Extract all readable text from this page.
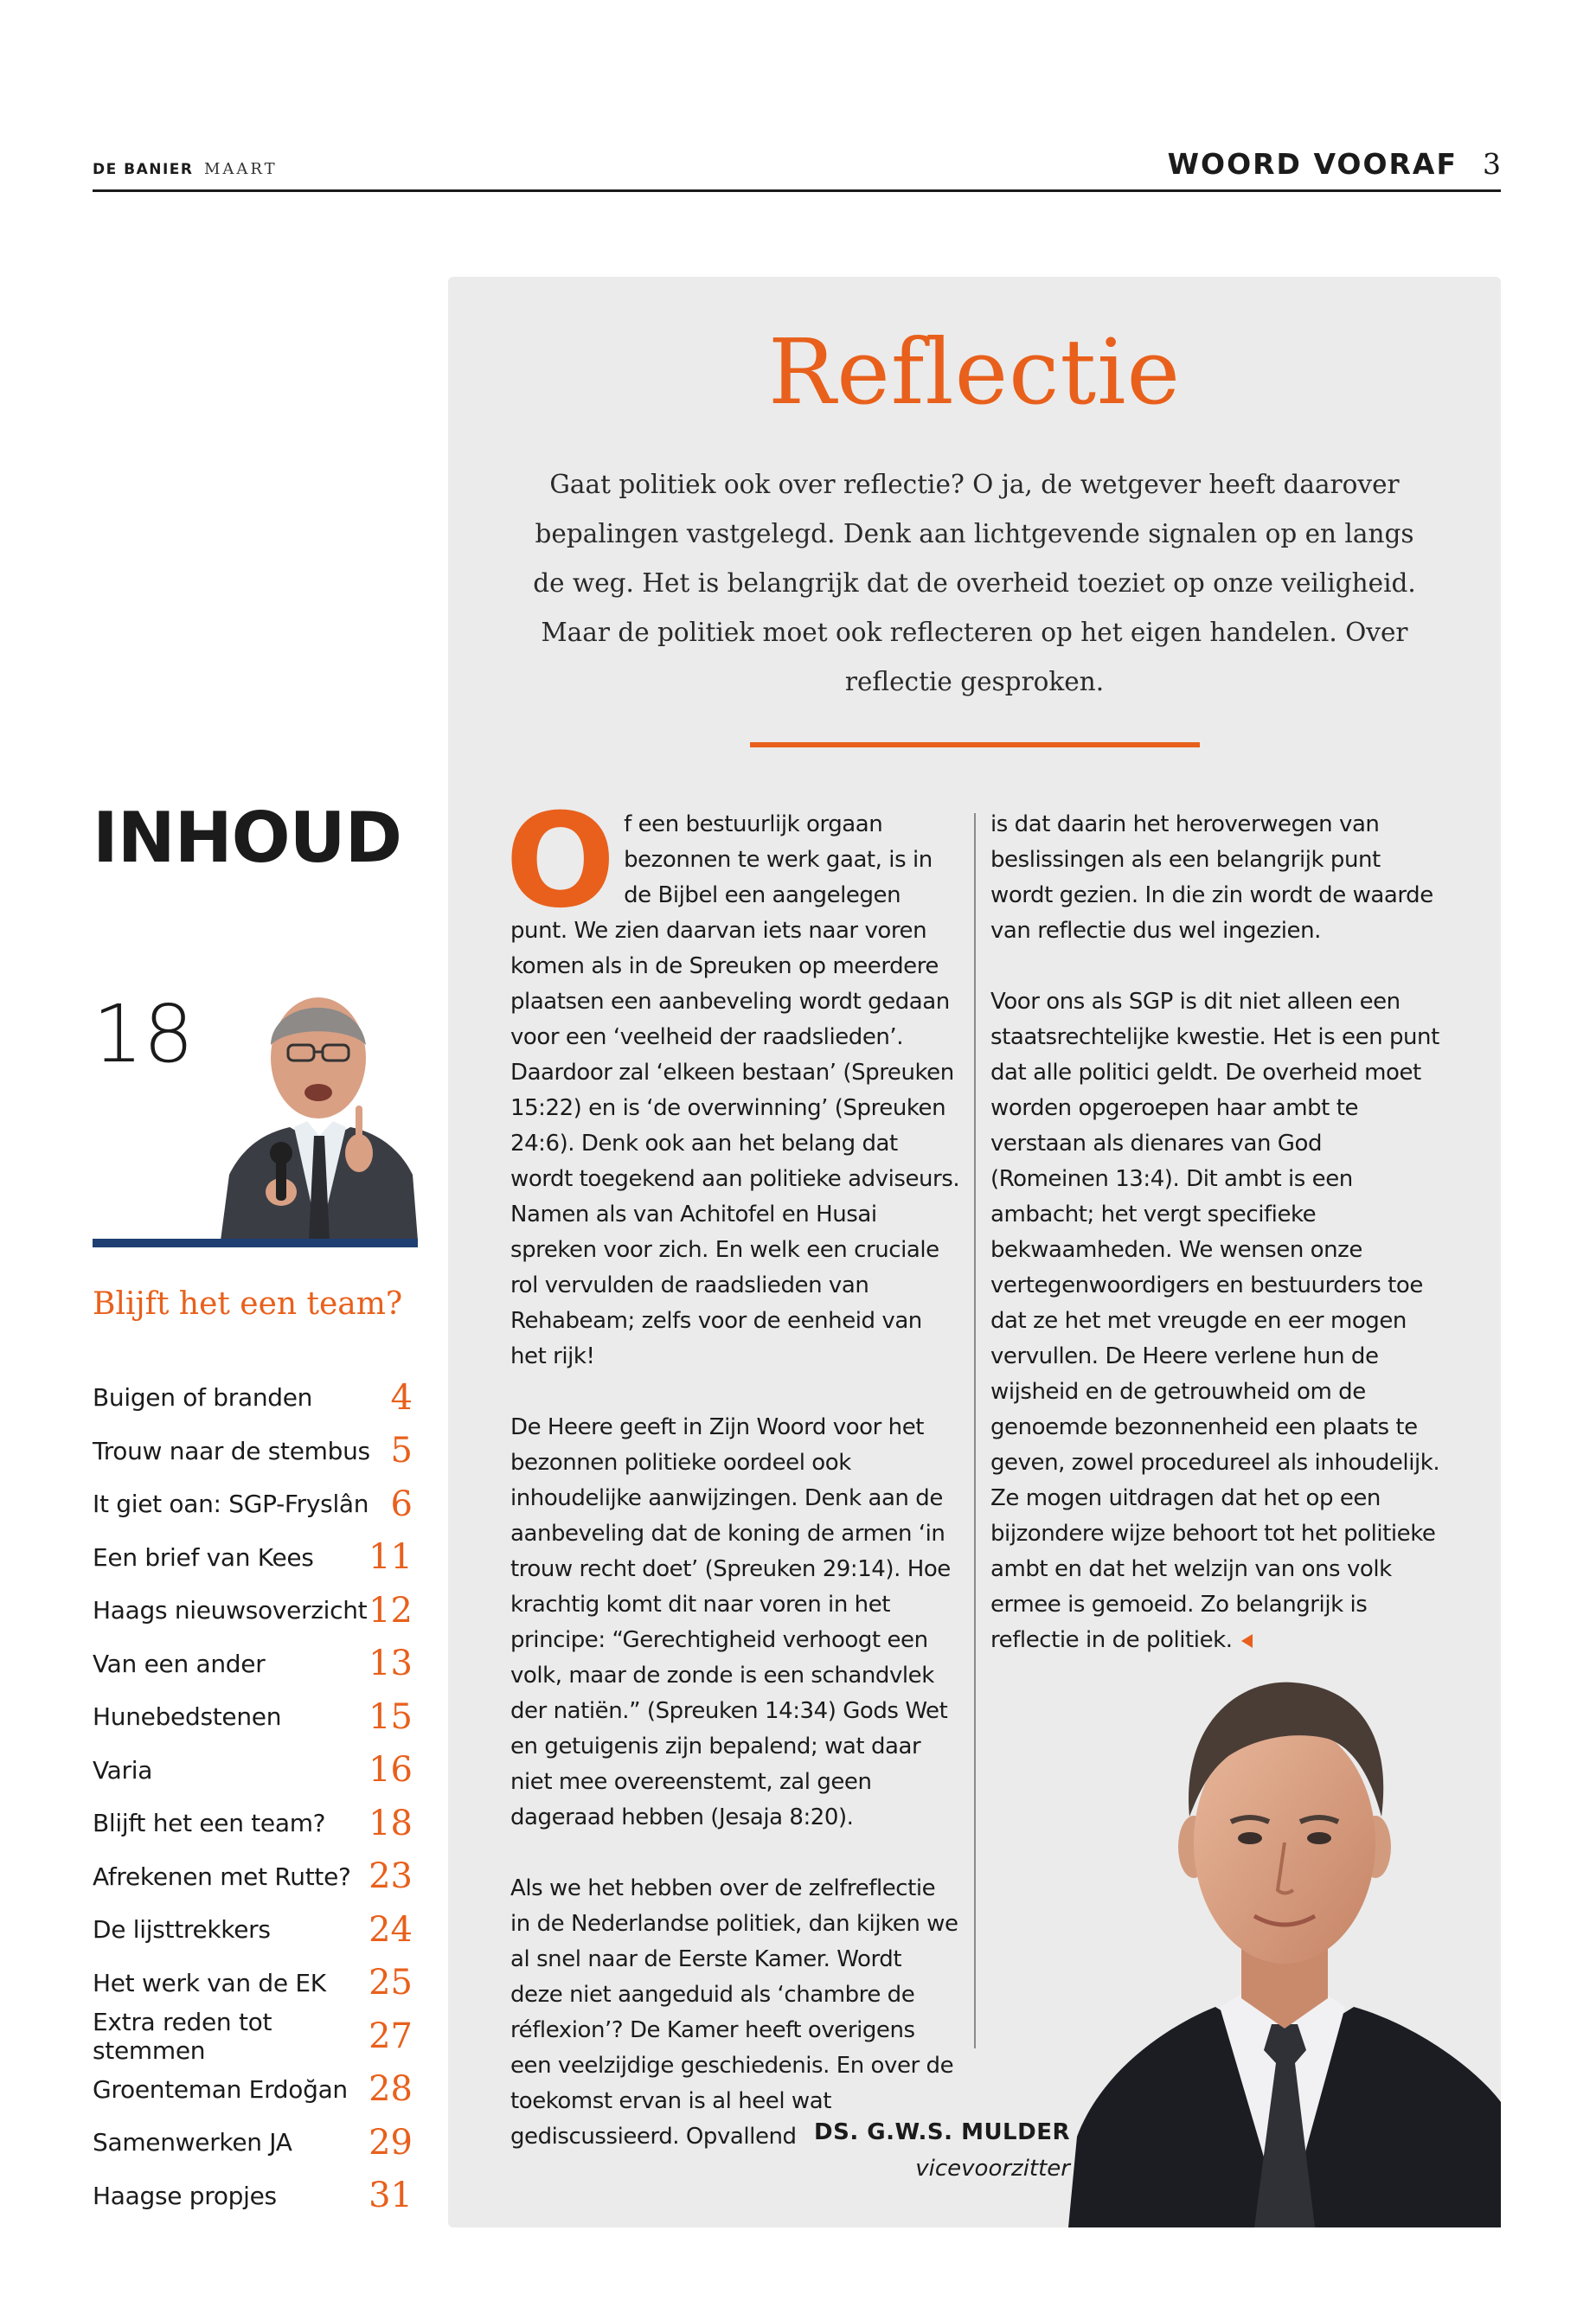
DE BANIER MAART	WOORD VOORAF 3
Reflectie
Gaat politiek ook over reflectie? O ja, de wetgever heeft daarover bepalingen vastgelegd. Denk aan lichtgevende signalen op en langs de weg. Het is belangrijk dat de overheid toeziet op onze veiligheid. Maar de politiek moet ook reflecteren op het eigen handelen. Over reflectie gesproken.

Of een bestuurlijk orgaan bezonnen te werk gaat, is in de Bijbel een aangelegen punt. We zien daarvan iets naar voren komen als in de Spreuken op meerdere plaatsen een aanbeveling wordt gedaan voor een ‘veelheid der raadslieden’. Daardoor zal ‘elkeen bestaan’ (Spreuken 15:22) en is ‘de overwinning’ (Spreuken 24:6). Denk ook aan het belang dat wordt toegekend aan politieke adviseurs. Namen als van Achitofel en Husai spreken voor zich. En welk een cruciale rol vervulden de raadslieden van Rehabeam; zelfs voor de eenheid van het rijk!

De Heere geeft in Zijn Woord voor het bezonnen politieke oordeel ook inhoudelijke aanwijzingen. Denk aan de aanbeveling dat de koning de armen ‘in trouw recht doet’ (Spreuken 29:14). Hoe krachtig komt dit naar voren in het principe: “Gerechtigheid verhoogt een volk, maar de zonde is een schandvlek der natiën.” (Spreuken 14:34) Gods Wet en getuigenis zijn bepalend; wat daar niet mee overeenstemt, zal geen dageraad hebben (Jesaja 8:20).

Als we het hebben over de zelfreflectie in de Nederlandse politiek, dan kijken we al snel naar de Eerste Kamer. Wordt deze niet aangeduid als ‘chambre de réflexion’? De Kamer heeft overigens een veelzijdige geschiedenis. En over de toekomst ervan is al heel wat gediscussieerd. Opvallend

is dat daarin het heroverwegen van beslissingen als een belangrijk punt wordt gezien. In die zin wordt de waarde van reflectie dus wel ingezien.

Voor ons als SGP is dit niet alleen een staatsrechtelijke kwestie. Het is een punt dat alle politici geldt. De overheid moet worden opgeroepen haar ambt te verstaan als dienares van God (Romeinen 13:4). Dit ambt is een ambacht; het vergt specifieke bekwaamheden. We wensen onze vertegenwoordigers en bestuurders toe dat ze het met vreugde en eer mogen vervullen. De Heere verlene hun de wijsheid en de getrouwheid om de genoemde bezonnenheid een plaats te geven, zowel procedureel als inhoudelijk. Ze mogen uitdragen dat het op een bijzondere wijze behoort tot het politieke ambt en dat het welzijn van ons volk ermee is gemoeid. Zo belangrijk is reflectie in de politiek.

DS. G.W.S. MULDER
vicevoorzitter
INHOUD
18
Blijft het een team?
Buigen of branden 4
Trouw naar de stembus 5
It giet oan: SGP-Fryslân 6
Een brief van Kees 11
Haags nieuwsoverzicht 12
Van een ander	13
Hunebedstenen	15
Varia	16
Blijft het een team? 18
Afrekenen met Rutte? 23
De lijsttrekkers	24
Het werk van de EK 25
Extra reden tot stemmen	27
Groenteman Erdoğan 28
Samenwerken JA 29
Haagse propjes	31
